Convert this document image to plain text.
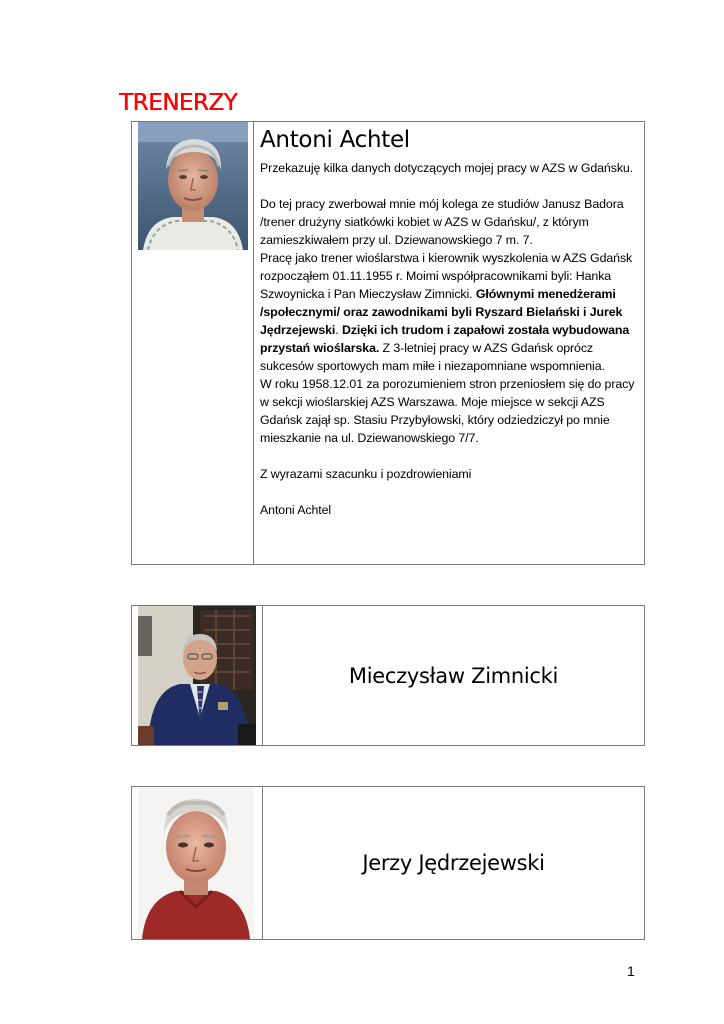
TRENERZY
Antoni Achtel

Przekazuję kilka danych dotyczących mojej pracy w AZS w Gdańsku.

Do tej pracy zwerbował mnie mój kolega ze studiów Janusz Badora /trener drużyny siatkówki kobiet w AZS w Gdańsku/, z którym zamieszkiwałem przy ul. Dziewanowskiego 7 m. 7.

Pracę jako trener wioślarstwa i kierownik wyszkolenia w AZS Gdańsk rozpocząłem 01.11.1955 r. Moimi współpracownikami byli: Hanka Szwoynicka i Pan Mieczysław Zimnicki. Głównymi menedżerami /społecznymi/ oraz zawodnikami byli Ryszard Bielański i Jurek Jędrzejewski. Dzięki ich trudom i zapałowi została wybudowana przystań wioślarska. Z 3-letniej pracy w AZS Gdańsk oprócz sukcesów sportowych mam miłe i niezapomniane wspomnienia.

W roku 1958.12.01 za porozumieniem stron przeniosłem się do pracy w sekcji wioślarskiej AZS Warszawa. Moje miejsce w sekcji AZS Gdańsk zajął sp. Stasiu Przybyłowski, który odziedziczył po mnie mieszkanie na ul. Dziewanowskiego 7/7.

Z wyrazami szacunku i pozdrowieniami

Antoni Achtel

Mieczysław Zimnicki

Jerzy Jędrzejewski

1
